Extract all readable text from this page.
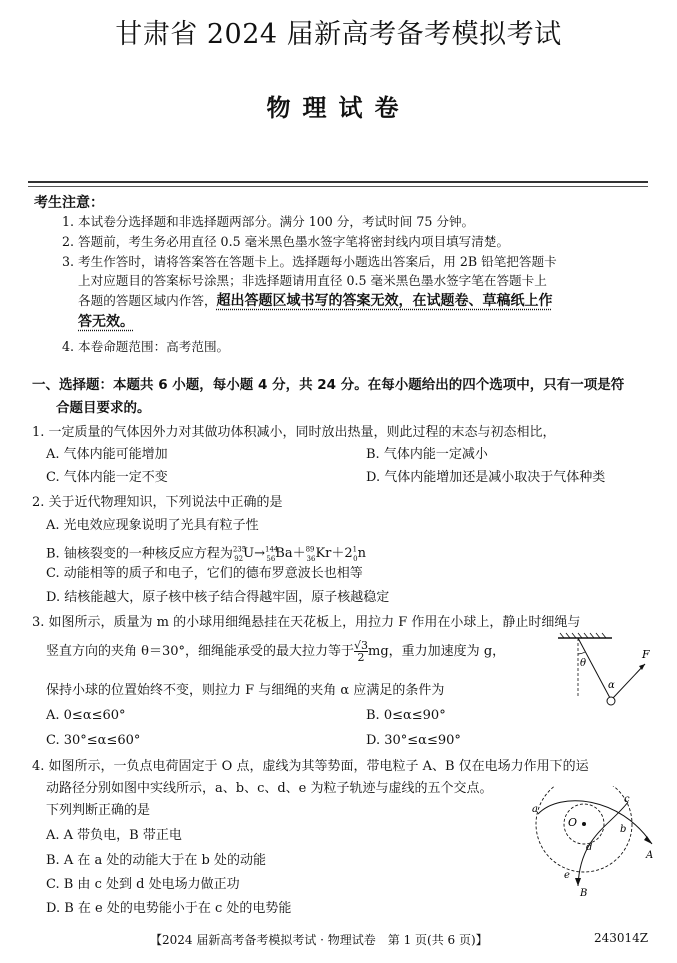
甘肃省 2024 届新高考备考模拟考试
物理试卷
考生注意：
1. 本试卷分选择题和非选择题两部分。满分 100 分，考试时间 75 分钟。
2. 答题前，考生务必用直径 0.5 毫米黑色墨水签字笔将密封线内项目填写清楚。
3. 考生作答时，请将答案答在答题卡上。选择题每小题选出答案后，用 2B 铅笔把答题卡
上对应题目的答案标号涂黑；非选择题请用直径 0.5 毫米黑色墨水签字笔在答题卡上
各题的答题区域内作答，超出答题区域书写的答案无效，在试题卷、草稿纸上作
答无效。
4. 本卷命题范围：高考范围。
一、选择题：本题共 6 小题，每小题 4 分，共 24 分。在每小题给出的四个选项中，只有一项是符
合题目要求的。
1. 一定质量的气体因外力对其做功体积减小，同时放出热量，则此过程的末态与初态相比，
A. 气体内能可能增加	B. 气体内能一定减小
C. 气体内能一定不变	D. 气体内能增加还是减小取决于气体种类
2. 关于近代物理知识，下列说法中正确的是
A. 光电效应现象说明了光具有粒子性
B. 铀核裂变的一种核反应方程为$^{235}_{92}U\to^{144}_{56}Ba+^{89}_{36}Kr+2^1_0n$
C. 动能相等的质子和电子，它们的德布罗意波长也相等
D. 结核能越大，原子核中核子结合得越牢固，原子核越稳定
3. 如图所示，质量为 m 的小球用细绳悬挂在天花板上，用拉力 F 作用在小球上，静止时细绳与
竖直方向的夹角 θ＝30°，细绳能承受的最大拉力等于 $\frac{√3}{2}$ mg，重力加速度为 g，
保持小球的位置始终不变，则拉力 F 与细绳的夹角 α 应满足的条件为
A. 0≤α≤60°	B. 0≤α≤90°
C. 30°≤α≤60°	D. 30°≤α≤90°
θ
α
F
4. 如图所示，一负点电荷固定于 O 点，虚线为其等势面，带电粒子 A、B 仅在电场力作用下的运
动路径分别如图中实线所示，a、b、c、d、e 为粒子轨迹与虚线的五个交点。
下列判断正确的是
A. A 带负电，B 带正电
B. A 在 a 处的动能大于在 b 处的动能
C. B 由 c 处到 d 处电场力做正功
D. B 在 e 处的电势能小于在 c 处的电势能
O
a
b
c
d
e
A
B
【2024 届新高考备考模拟考试 · 物理试卷　第 1 页(共 6 页)】	243014Z
